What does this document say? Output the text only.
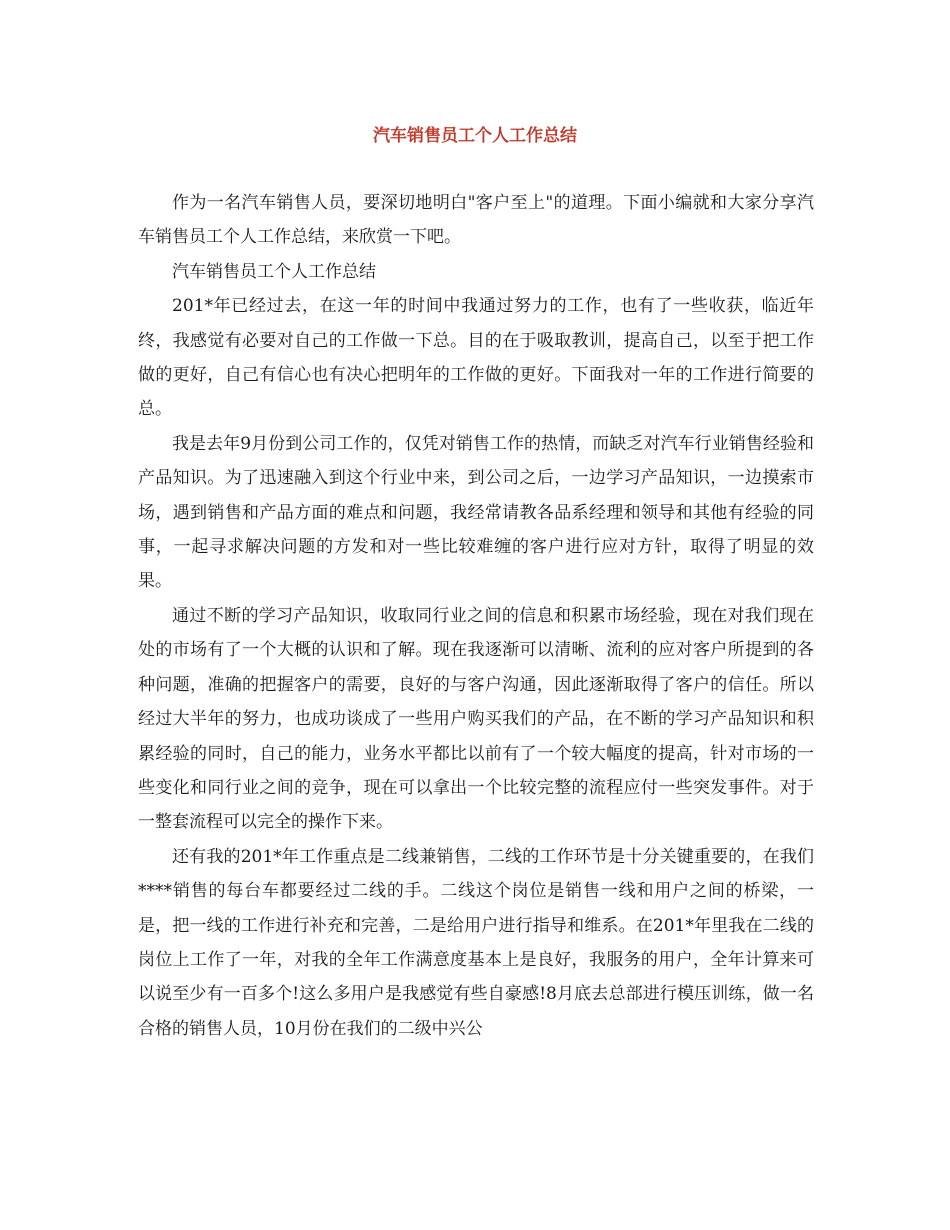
汽车销售员工个人工作总结

作为一名汽车销售人员，要深切地明白"客户至上"的道理。下面小编就和大家分享汽车销售员工个人工作总结，来欣赏一下吧。

汽车销售员工个人工作总结

201*年已经过去，在这一年的时间中我通过努力的工作，也有了一些收获，临近年终，我感觉有必要对自己的工作做一下总。目的在于吸取教训，提高自己，以至于把工作做的更好，自己有信心也有决心把明年的工作做的更好。下面我对一年的工作进行简要的总。

我是去年9月份到公司工作的，仅凭对销售工作的热情，而缺乏对汽车行业销售经验和产品知识。为了迅速融入到这个行业中来，到公司之后，一边学习产品知识，一边摸索市场，遇到销售和产品方面的难点和问题，我经常请教各品系经理和领导和其他有经验的同事，一起寻求解决问题的方发和对一些比较难缠的客户进行应对方针，取得了明显的效果。

通过不断的学习产品知识，收取同行业之间的信息和积累市场经验，现在对我们现在处的市场有了一个大概的认识和了解。现在我逐渐可以清晰、流利的应对客户所提到的各种问题，准确的把握客户的需要，良好的与客户沟通，因此逐渐取得了客户的信任。所以经过大半年的努力，也成功谈成了一些用户购买我们的产品，在不断的学习产品知识和积累经验的同时，自己的能力，业务水平都比以前有了一个较大幅度的提高，针对市场的一些变化和同行业之间的竞争，现在可以拿出一个比较完整的流程应付一些突发事件。对于一整套流程可以完全的操作下来。

还有我的201*年工作重点是二线兼销售，二线的工作环节是十分关键重要的，在我们****销售的每台车都要经过二线的手。二线这个岗位是销售一线和用户之间的桥梁，一是，把一线的工作进行补充和完善，二是给用户进行指导和维系。在201*年里我在二线的岗位上工作了一年，对我的全年工作满意度基本上是良好，我服务的用户，全年计算来可以说至少有一百多个!这么多用户是我感觉有些自豪感!8月底去总部进行模压训练，做一名合格的销售人员，10月份在我们的二级中兴公
